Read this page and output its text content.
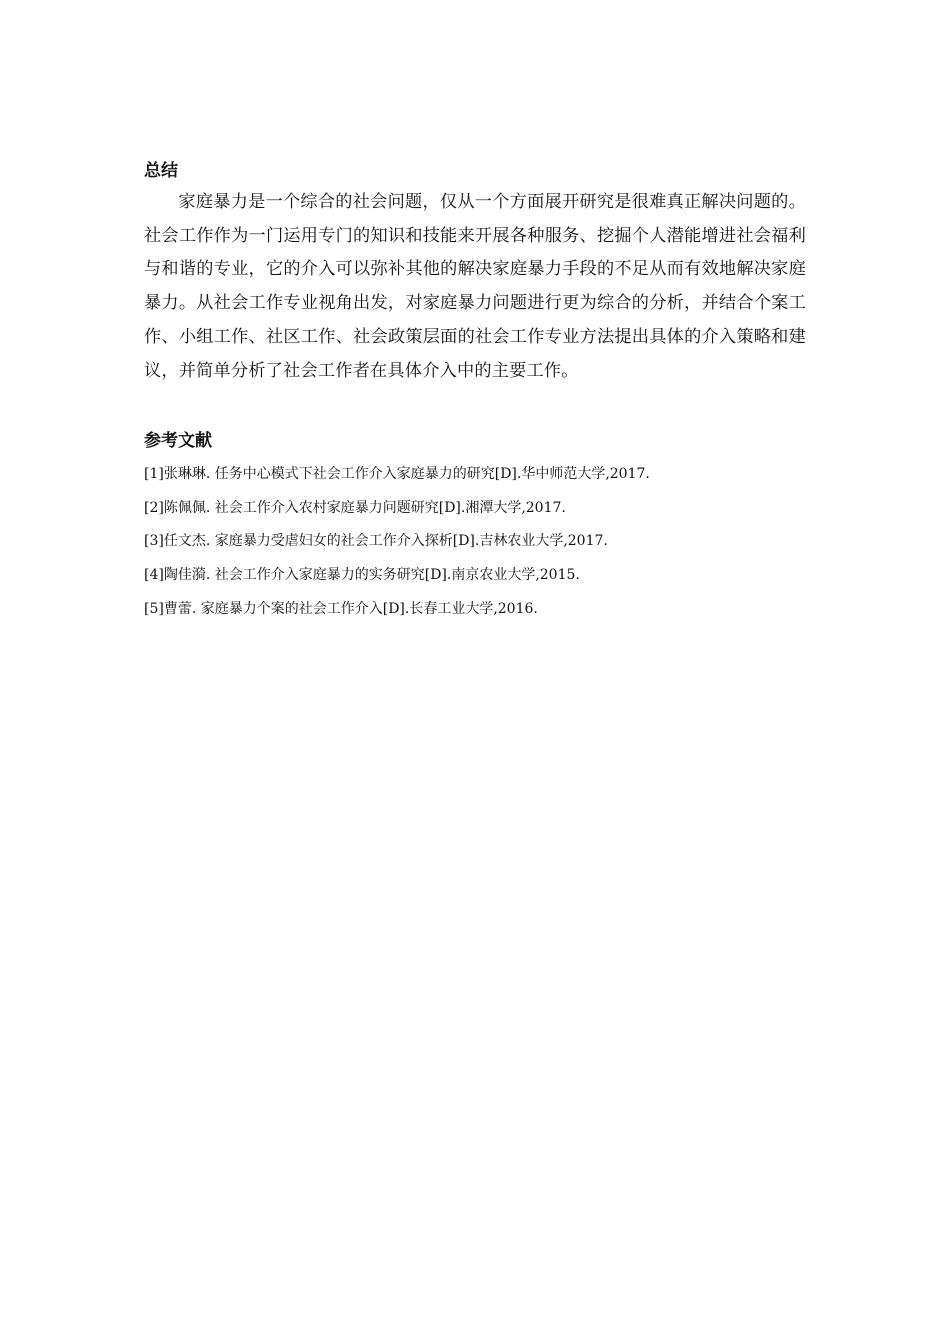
总结

家庭暴力是一个综合的社会问题，仅从一个方面展开研究是很难真正解决问题的。社会工作作为一门运用专门的知识和技能来开展各种服务、挖掘个人潜能增进社会福利与和谐的专业，它的介入可以弥补其他的解决家庭暴力手段的不足从而有效地解决家庭暴力。从社会工作专业视角出发，对家庭暴力问题进行更为综合的分析，并结合个案工作、小组工作、社区工作、社会政策层面的社会工作专业方法提出具体的介入策略和建议，并简单分析了社会工作者在具体介入中的主要工作。

参考文献
[1]张琳琳. 任务中心模式下社会工作介入家庭暴力的研究[D].华中师范大学,2017.
[2]陈佩佩. 社会工作介入农村家庭暴力问题研究[D].湘潭大学,2017.
[3]任文杰. 家庭暴力受虐妇女的社会工作介入探析[D].吉林农业大学,2017.
[4]陶佳漪. 社会工作介入家庭暴力的实务研究[D].南京农业大学,2015.
[5]曹蕾. 家庭暴力个案的社会工作介入[D].长春工业大学,2016.
